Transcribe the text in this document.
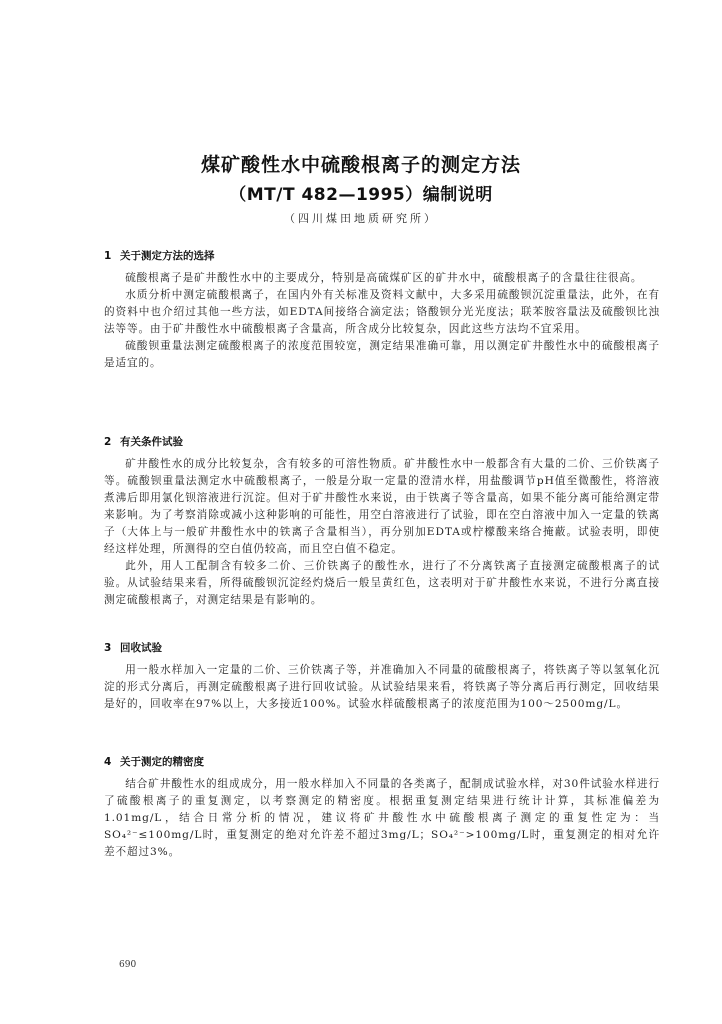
煤矿酸性水中硫酸根离子的测定方法
（MT/T 482—1995）编制说明
（四川煤田地质研究所）

1 关于测定方法的选择

硫酸根离子是矿井酸性水中的主要成分，特别是高硫煤矿区的矿井水中，硫酸根离子的含量往往很高。

水质分析中测定硫酸根离子，在国内外有关标准及资料文献中，大多采用硫酸钡沉淀重量法，此外，在有的资料中也介绍过其他一些方法，如EDTA间接络合滴定法；铬酸钡分光光度法；联苯胺容量法及硫酸钡比浊法等等。由于矿井酸性水中硫酸根离子含量高，所含成分比较复杂，因此这些方法均不宜采用。

硫酸钡重量法测定硫酸根离子的浓度范围较宽，测定结果准确可靠，用以测定矿井酸性水中的硫酸根离子是适宜的。

2 有关条件试验

矿井酸性水的成分比较复杂，含有较多的可溶性物质。矿井酸性水中一般都含有大量的二价、三价铁离子等。硫酸钡重量法测定水中硫酸根离子，一般是分取一定量的澄清水样，用盐酸调节pH值至微酸性，将溶液煮沸后即用氯化钡溶液进行沉淀。但对于矿井酸性水来说，由于铁离子等含量高，如果不能分离可能给测定带来影响。为了考察消除或减小这种影响的可能性，用空白溶液进行了试验，即在空白溶液中加入一定量的铁离子（大体上与一般矿井酸性水中的铁离子含量相当），再分别加EDTA或柠檬酸来络合掩蔽。试验表明，即使经这样处理，所测得的空白值仍较高，而且空白值不稳定。

此外，用人工配制含有较多二价、三价铁离子的酸性水，进行了不分离铁离子直接测定硫酸根离子的试验。从试验结果来看，所得硫酸钡沉淀经灼烧后一般呈黄红色，这表明对于矿井酸性水来说，不进行分离直接测定硫酸根离子，对测定结果是有影响的。

3 回收试验

用一般水样加入一定量的二价、三价铁离子等，并准确加入不同量的硫酸根离子，将铁离子等以氢氧化沉淀的形式分离后，再测定硫酸根离子进行回收试验。从试验结果来看，将铁离子等分离后再行测定，回收结果是好的，回收率在97%以上，大多接近100%。试验水样硫酸根离子的浓度范围为100～2500mg/L。

4 关于测定的精密度

结合矿井酸性水的组成成分，用一般水样加入不同量的各类离子，配制成试验水样，对30件试验水样进行了硫酸根离子的重复测定，以考察测定的精密度。根据重复测定结果进行统计计算，其标准偏差为1.01mg/L，结合日常分析的情况，建议将矿井酸性水中硫酸根离子测定的重复性定为：当SO₄²⁻≤100mg/L时，重复测定的绝对允许差不超过3mg/L；SO₄²⁻>100mg/L时，重复测定的相对允许差不超过3%。

690
